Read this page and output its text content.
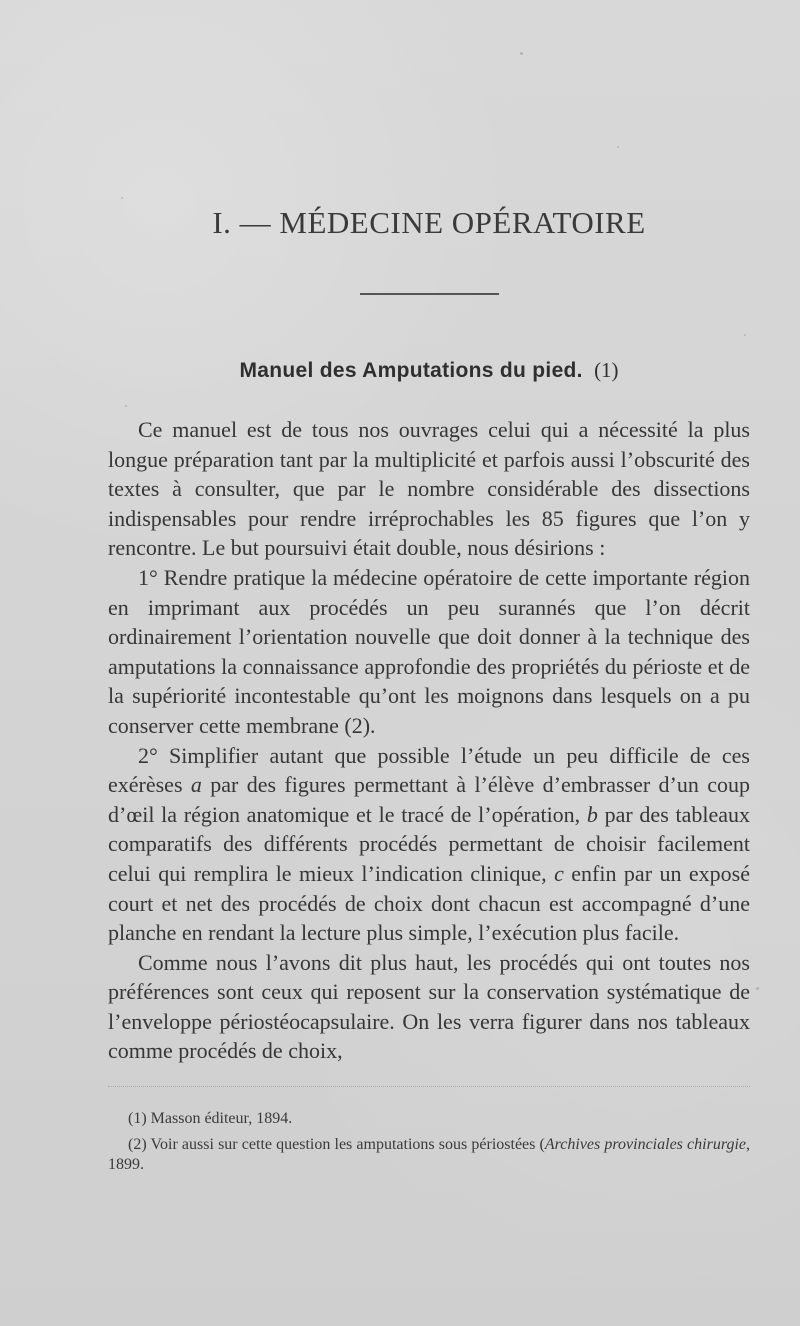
I. — MÉDECINE OPÉRATOIRE
Manuel des Amputations du pied. (1)

Ce manuel est de tous nos ouvrages celui qui a nécessité la plus longue préparation tant par la multiplicité et parfois aussi l’obscurité des textes à consulter, que par le nombre considérable des dissections indispensables pour rendre irréprochables les 85 figures que l’on y rencontre. Le but poursuivi était double, nous désirions :

1° Rendre pratique la médecine opératoire de cette importante région en imprimant aux procédés un peu surannés que l’on décrit ordinairement l’orientation nouvelle que doit donner à la technique des amputations la connaissance approfondie des propriétés du périoste et de la supériorité incontestable qu’ont les moignons dans lesquels on a pu conserver cette membrane (2).

2° Simplifier autant que possible l’étude un peu difficile de ces exérèses a par des figures permettant à l’élève d’embrasser d’un coup d’œil la région anatomique et le tracé de l’opération, b par des tableaux comparatifs des différents procédés permettant de choisir facilement celui qui remplira le mieux l’indication clinique, c enfin par un exposé court et net des procédés de choix dont chacun est accompagné d’une planche en rendant la lecture plus simple, l’exécution plus facile.

Comme nous l’avons dit plus haut, les procédés qui ont toutes nos préférences sont ceux qui reposent sur la conservation systématique de l’enveloppe périostéocapsulaire. On les verra figurer dans nos tableaux comme procédés de choix,

(1) Masson éditeur, 1894.

(2) Voir aussi sur cette question les amputations sous périostées (Archives provinciales chirurgie, 1899.
